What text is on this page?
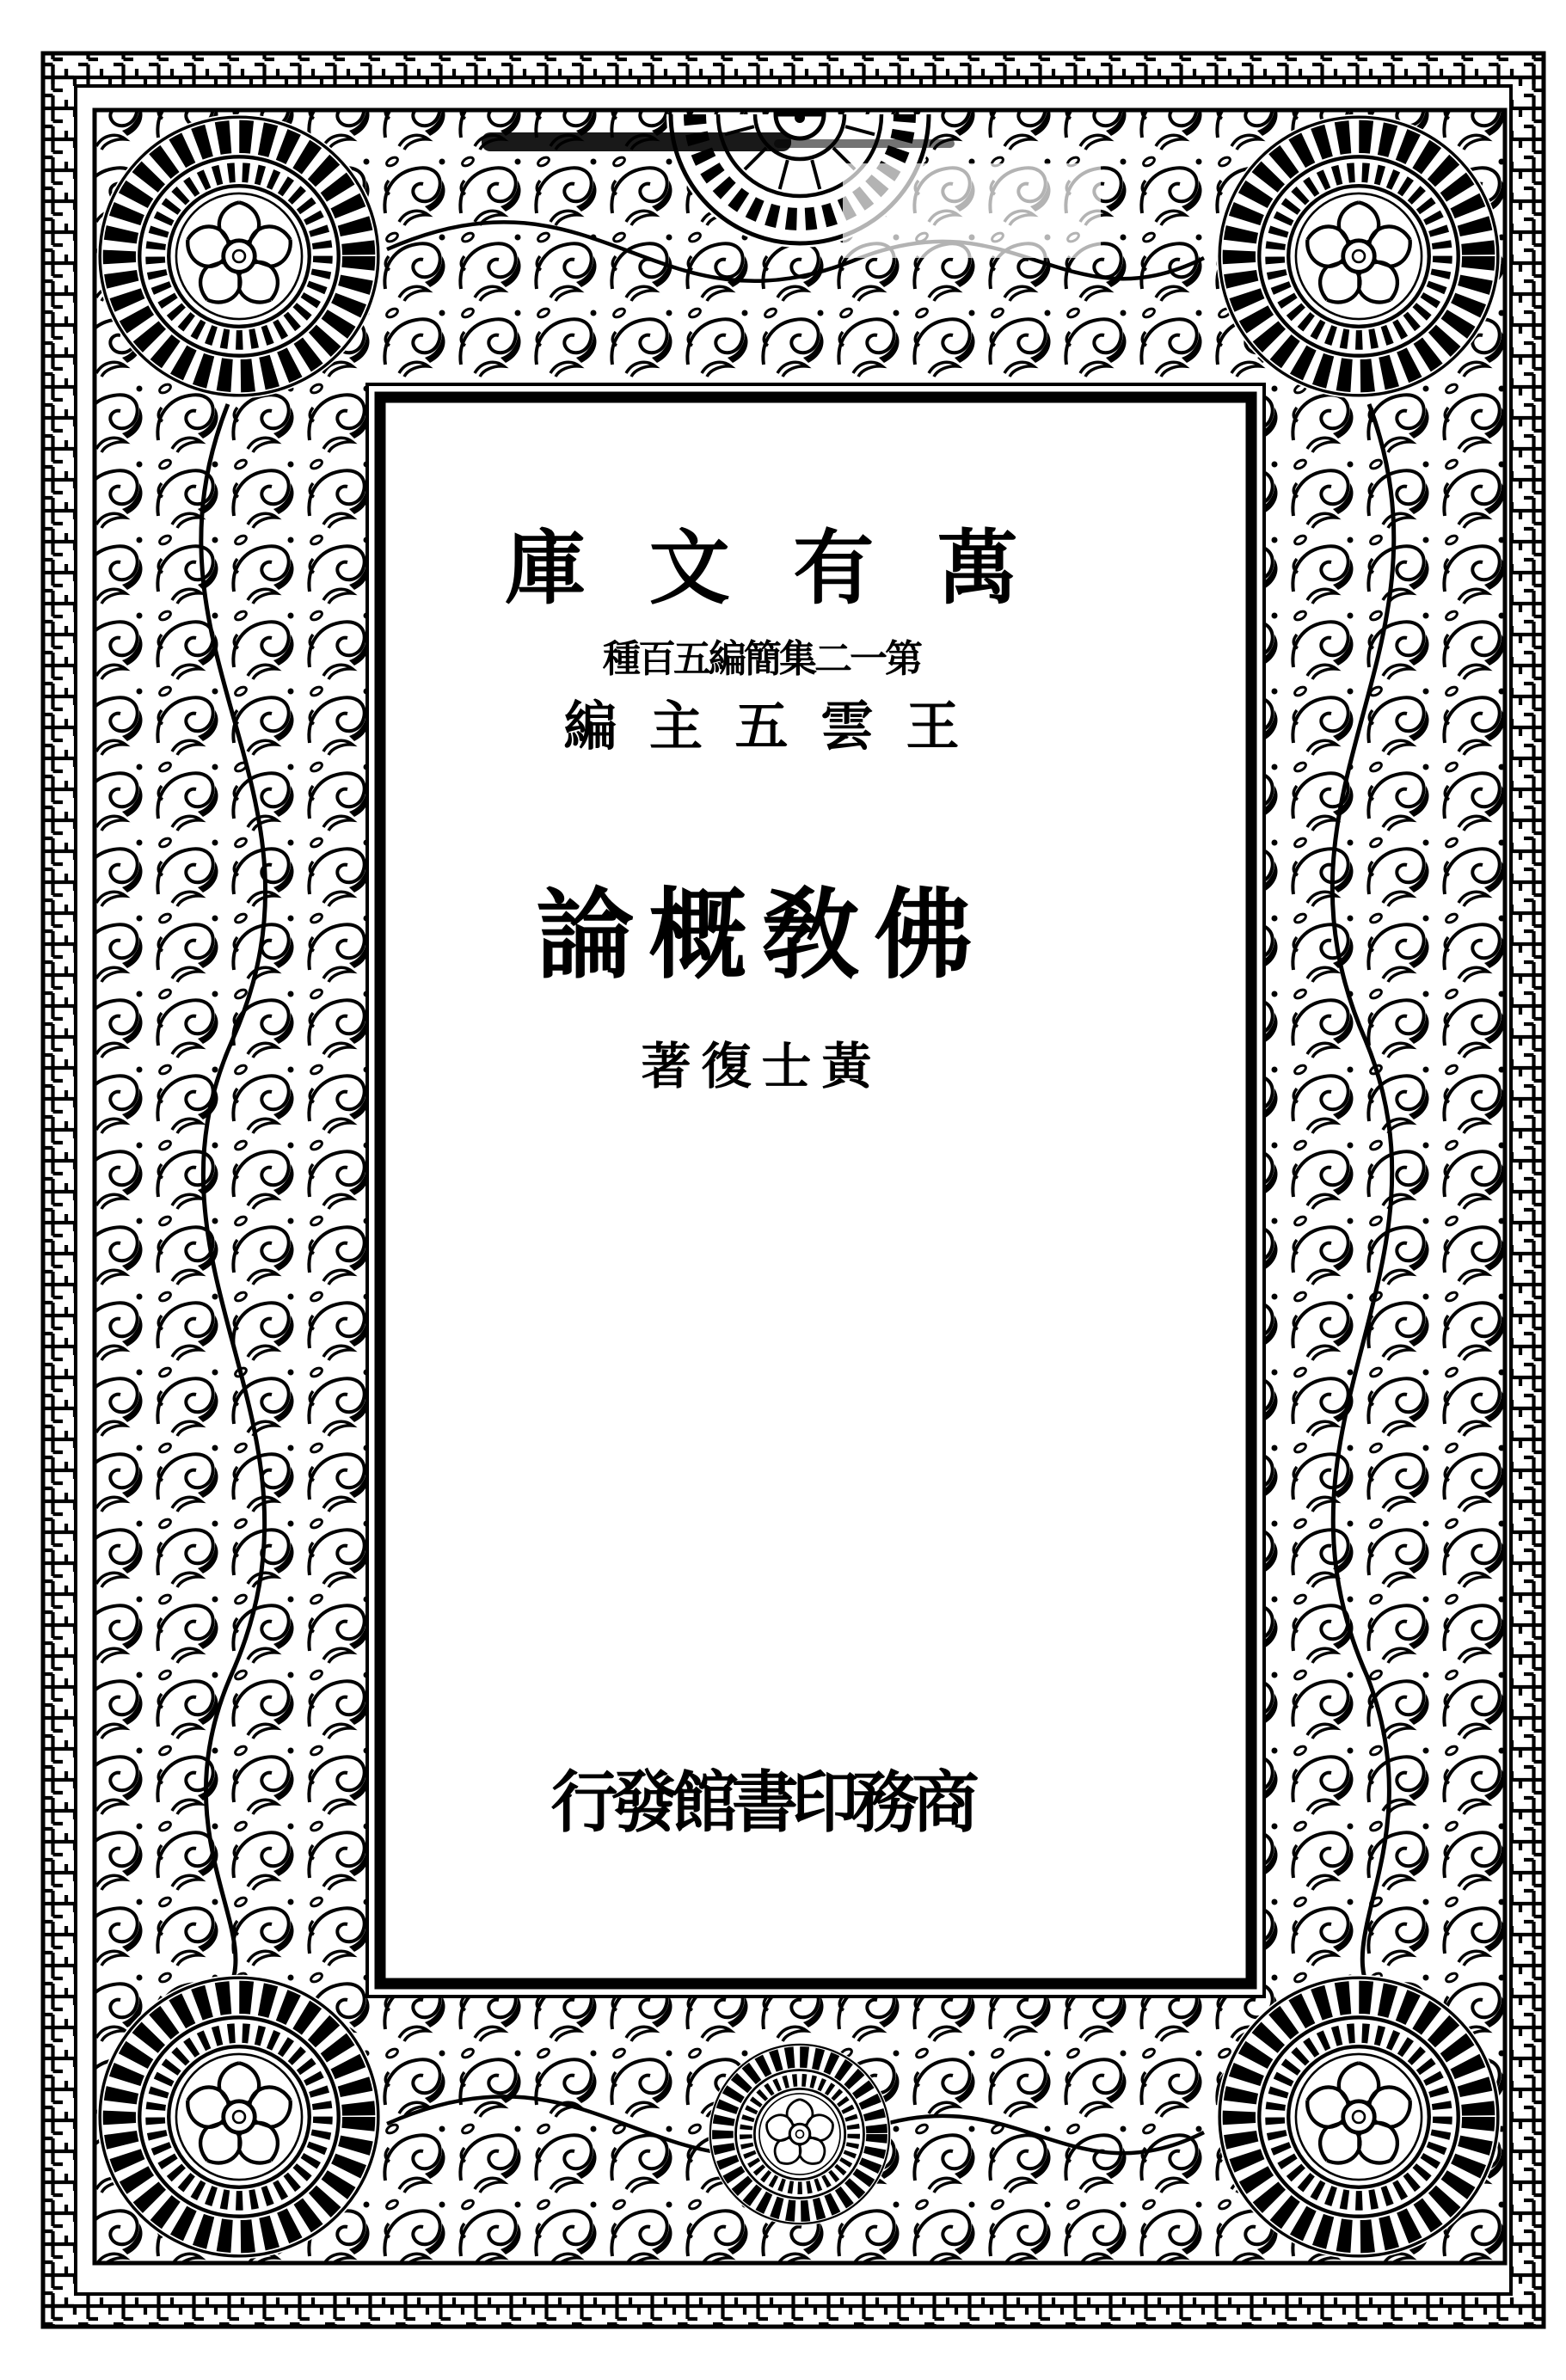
庫 文 有 萬
種百五編簡集二一第
編 主 五 雲 王
論概敎佛
著復士黃
行發館書印務商
